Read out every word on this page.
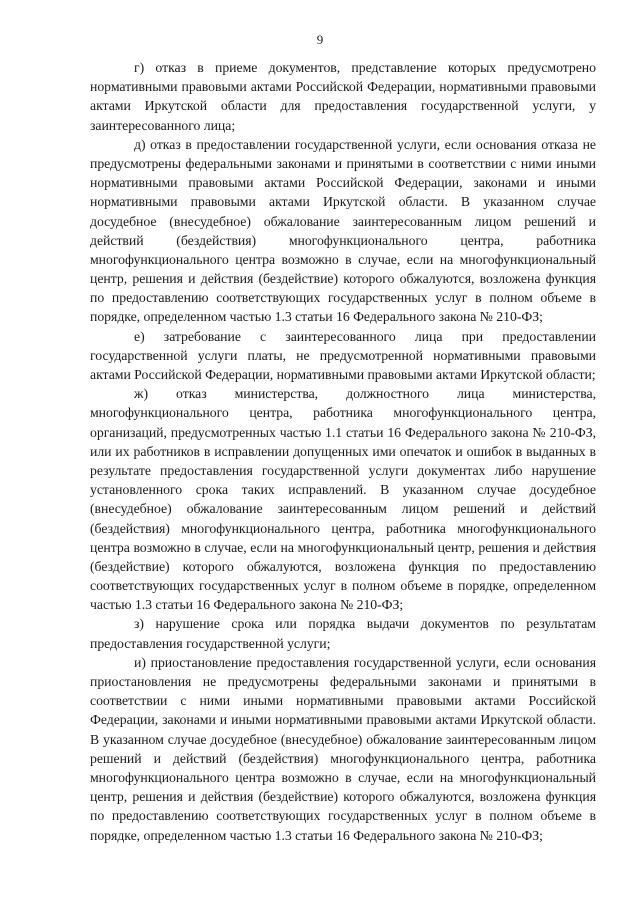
9

г) отказ в приеме документов, представление которых предусмотрено нормативными правовыми актами Российской Федерации, нормативными правовыми актами Иркутской области для предоставления государственной услуги, у заинтересованного лица;

д) отказ в предоставлении государственной услуги, если основания отказа не предусмотрены федеральными законами и принятыми в соответствии с ними иными нормативными правовыми актами Российской Федерации, законами и иными нормативными правовыми актами Иркутской области. В указанном случае досудебное (внесудебное) обжалование заинтересованным лицом решений и действий (бездействия) многофункционального центра, работника многофункционального центра возможно в случае, если на многофункциональный центр, решения и действия (бездействие) которого обжалуются, возложена функция по предоставлению соответствующих государственных услуг в полном объеме в порядке, определенном частью 1.3 статьи 16 Федерального закона № 210-ФЗ;

е) затребование с заинтересованного лица при предоставлении государственной услуги платы, не предусмотренной нормативными правовыми актами Российской Федерации, нормативными правовыми актами Иркутской области;

ж) отказ министерства, должностного лица министерства, многофункционального центра, работника многофункционального центра, организаций, предусмотренных частью 1.1 статьи 16 Федерального закона № 210-ФЗ, или их работников в исправлении допущенных ими опечаток и ошибок в выданных в результате предоставления государственной услуги документах либо нарушение установленного срока таких исправлений. В указанном случае досудебное (внесудебное) обжалование заинтересованным лицом решений и действий (бездействия) многофункционального центра, работника многофункционального центра возможно в случае, если на многофункциональный центр, решения и действия (бездействие) которого обжалуются, возложена функция по предоставлению соответствующих государственных услуг в полном объеме в порядке, определенном частью 1.3 статьи 16 Федерального закона № 210-ФЗ;

з) нарушение срока или порядка выдачи документов по результатам предоставления государственной услуги;

и) приостановление предоставления государственной услуги, если основания приостановления не предусмотрены федеральными законами и принятыми в соответствии с ними иными нормативными правовыми актами Российской Федерации, законами и иными нормативными правовыми актами Иркутской области. В указанном случае досудебное (внесудебное) обжалование заинтересованным лицом решений и действий (бездействия) многофункционального центра, работника многофункционального центра возможно в случае, если на многофункциональный центр, решения и действия (бездействие) которого обжалуются, возложена функция по предоставлению соответствующих государственных услуг в полном объеме в порядке, определенном частью 1.3 статьи 16 Федерального закона № 210-ФЗ;
